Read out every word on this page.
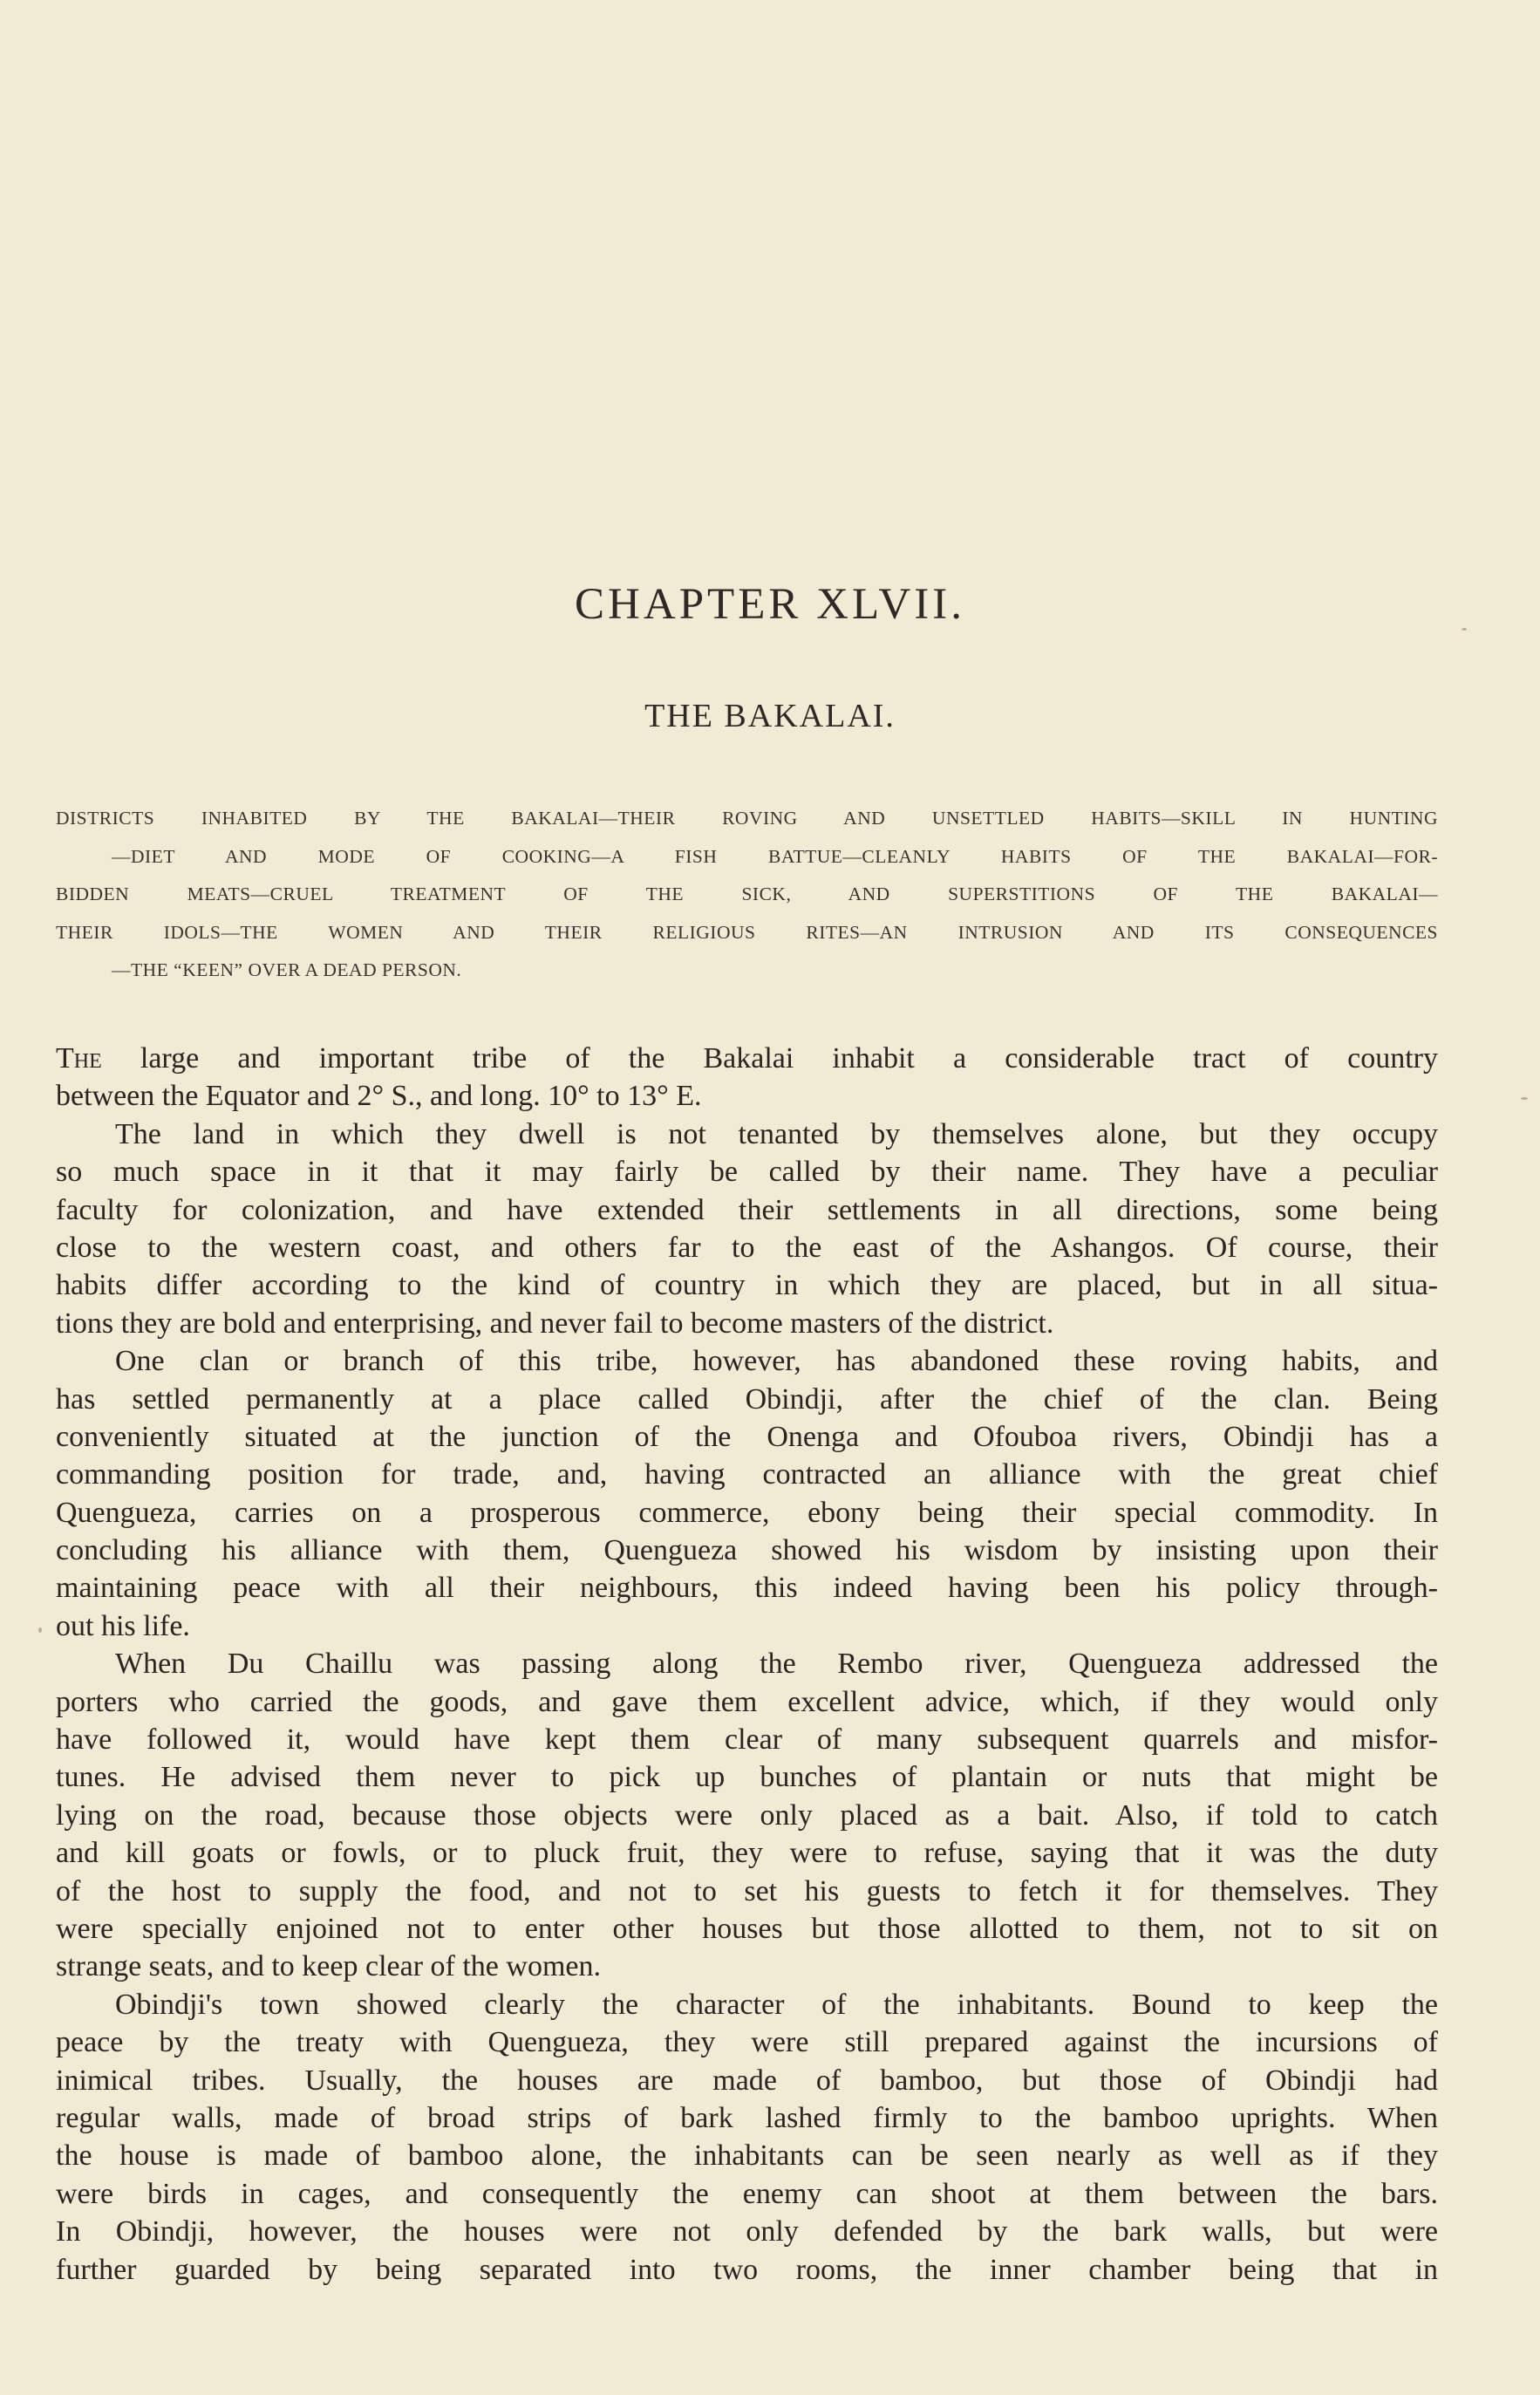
CHAPTER XLVII.
THE BAKALAI.
DISTRICTS INHABITED BY THE BAKALAI—THEIR ROVING AND UNSETTLED HABITS—SKILL IN HUNTING
—DIET AND MODE OF COOKING—A FISH BATTUE—CLEANLY HABITS OF THE BAKALAI—FOR-
BIDDEN MEATS—CRUEL TREATMENT OF THE SICK, AND SUPERSTITIONS OF THE BAKALAI—
THEIR IDOLS—THE WOMEN AND THEIR RELIGIOUS RITES—AN INTRUSION AND ITS CONSEQUENCES
—THE “KEEN” OVER A DEAD PERSON.
The large and important tribe of the Bakalai inhabit a considerable tract of country
between the Equator and 2° S., and long. 10° to 13° E.
The land in which they dwell is not tenanted by themselves alone, but they occupy
so much space in it that it may fairly be called by their name. They have a peculiar
faculty for colonization, and have extended their settlements in all directions, some being
close to the western coast, and others far to the east of the Ashangos. Of course, their
habits differ according to the kind of country in which they are placed, but in all situa-
tions they are bold and enterprising, and never fail to become masters of the district.
One clan or branch of this tribe, however, has abandoned these roving habits, and
has settled permanently at a place called Obindji, after the chief of the clan. Being
conveniently situated at the junction of the Onenga and Ofouboa rivers, Obindji has a
commanding position for trade, and, having contracted an alliance with the great chief
Quengueza, carries on a prosperous commerce, ebony being their special commodity. In
concluding his alliance with them, Quengueza showed his wisdom by insisting upon their
maintaining peace with all their neighbours, this indeed having been his policy through-
out his life.
When Du Chaillu was passing along the Rembo river, Quengueza addressed the
porters who carried the goods, and gave them excellent advice, which, if they would only
have followed it, would have kept them clear of many subsequent quarrels and misfor-
tunes. He advised them never to pick up bunches of plantain or nuts that might be
lying on the road, because those objects were only placed as a bait. Also, if told to catch
and kill goats or fowls, or to pluck fruit, they were to refuse, saying that it was the duty
of the host to supply the food, and not to set his guests to fetch it for themselves. They
were specially enjoined not to enter other houses but those allotted to them, not to sit on
strange seats, and to keep clear of the women.
Obindji's town showed clearly the character of the inhabitants. Bound to keep the
peace by the treaty with Quengueza, they were still prepared against the incursions of
inimical tribes. Usually, the houses are made of bamboo, but those of Obindji had
regular walls, made of broad strips of bark lashed firmly to the bamboo uprights. When
the house is made of bamboo alone, the inhabitants can be seen nearly as well as if they
were birds in cages, and consequently the enemy can shoot at them between the bars.
In Obindji, however, the houses were not only defended by the bark walls, but were
further guarded by being separated into two rooms, the inner chamber being that in
